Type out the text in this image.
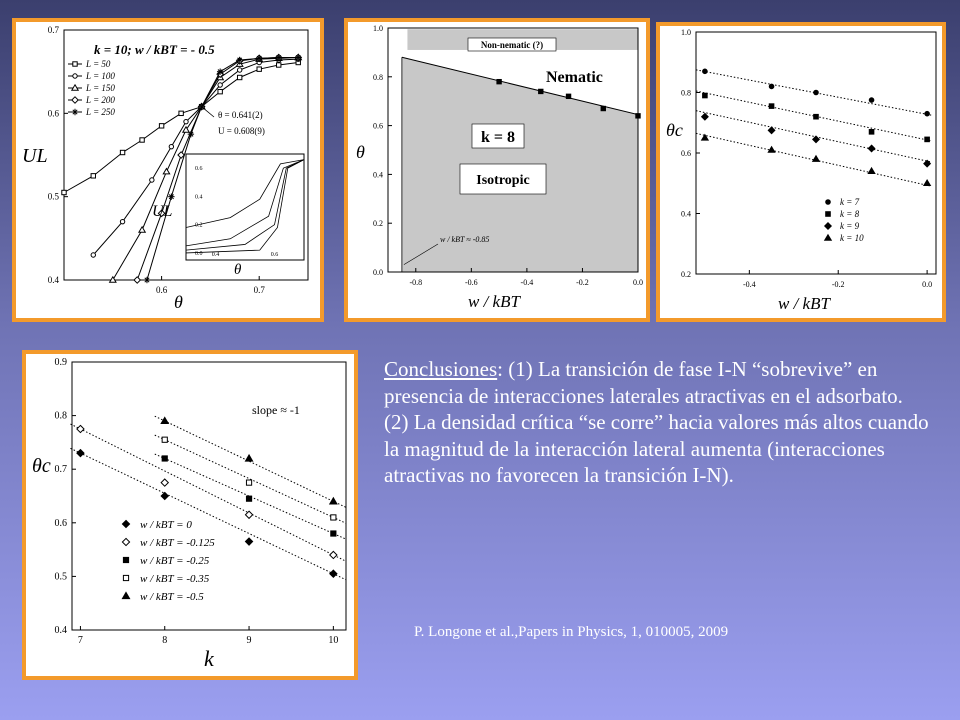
0.4
0.5
0.6
0.7
0.6	0.7
UL
θ
k = 10; w / kBT = - 0.5
L = 50
L = 100
L = 150
L = 200
L = 250	θ = 0.641(2)
U = 0.608(9)
0.0
0.2
0.4
0.6
0.4	0.6
UL
θ	0.0
0.2
0.4
0.6
0.8
1.0
-0.8	-0.6	-0.4	-0.2	0.0
θ
w / kBT
Non-nematic (?)
Nematic
k = 8
Isotropic
w / kBT ≈ -0.85
0.2
0.4
0.6
0.8
1.0
-0.4	-0.2	0.0
θc
w / kBT
k = 7
k = 8
k = 9
k = 10
0.4
0.5
0.6
0.7
0.8
0.9
7	8	9	10
θc
k
slope ≈ -1
w / kBT = 0
w / kBT = -0.125
w / kBT = -0.25
w / kBT = -0.35
w / kBT = -0.5
Conclusiones: (1) La transición de fase I-N “sobrevive” en presencia de interacciones laterales atractivas en el adsorbato.
(2) La densidad crítica “se corre” hacia valores más altos cuando la magnitud de la interacción lateral aumenta (interacciones atractivas no favorecen la transición I-N).
P. Longone et al.,Papers in Physics, 1, 010005, 2009
